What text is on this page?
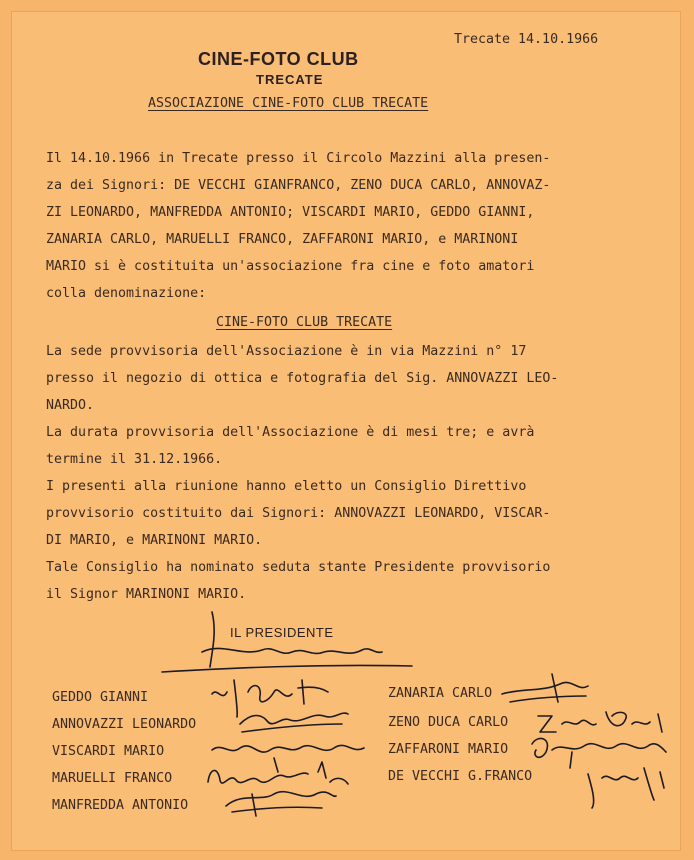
CINE-FOTO CLUB
TRECATE
Trecate 14.10.1966
ASSOCIAZIONE CINE-FOTO CLUB TRECATE
Il 14.10.1966 in Trecate presso il Circolo Mazzini alla presen-
za dei Signori: DE VECCHI GIANFRANCO, ZENO DUCA CARLO, ANNOVAZ-
ZI LEONARDO, MANFREDDA ANTONIO; VISCARDI MARIO, GEDDO GIANNI,
ZANARIA CARLO, MARUELLI FRANCO, ZAFFARONI MARIO, e MARINONI
MARIO si è costituita un'associazione fra cine e foto amatori
colla denominazione:
CINE-FOTO CLUB TRECATE
La sede provvisoria dell'Associazione è in via Mazzini n° 17
presso il negozio di ottica e fotografia del Sig. ANNOVAZZI LEO-
NARDO.
La durata provvisoria dell'Associazione è di mesi tre; e avrà
termine il 31.12.1966.
I presenti alla riunione hanno eletto un Consiglio Direttivo
provvisorio costituito dai Signori: ANNOVAZZI LEONARDO, VISCAR-
DI MARIO, e MARINONI MARIO.
Tale Consiglio ha nominato seduta stante Presidente provvisorio
il Signor MARINONI MARIO.
IL PRESIDENTE
GEDDO GIANNI
ANNOVAZZI LEONARDO
VISCARDI MARIO
MARUELLI FRANCO
MANFREDDA ANTONIO
ZANARIA CARLO
ZENO DUCA CARLO
ZAFFARONI MARIO
DE VECCHI G.FRANCO
